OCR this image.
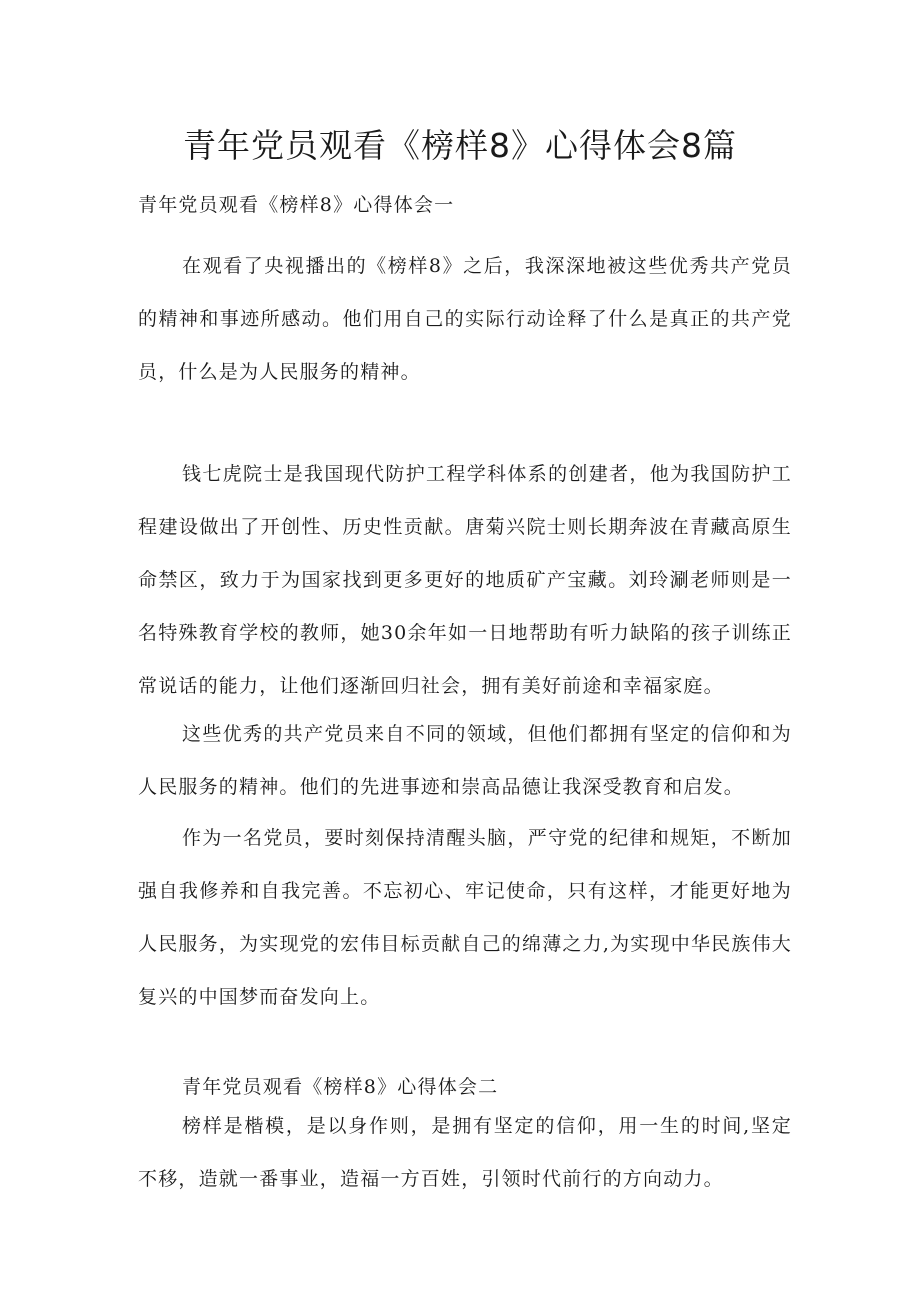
青年党员观看《榜样8》心得体会8篇
青年党员观看《榜样8》心得体会一

在观看了央视播出的《榜样8》之后，我深深地被这些优秀共产党员的精神和事迹所感动。他们用自己的实际行动诠释了什么是真正的共产党员，什么是为人民服务的精神。

钱七虎院士是我国现代防护工程学科体系的创建者，他为我国防护工程建设做出了开创性、历史性贡献。唐菊兴院士则长期奔波在青藏高原生命禁区，致力于为国家找到更多更好的地质矿产宝藏。刘玲涮老师则是一名特殊教育学校的教师，她30余年如一日地帮助有听力缺陷的孩子训练正常说话的能力，让他们逐渐回归社会，拥有美好前途和幸福家庭。

这些优秀的共产党员来自不同的领域，但他们都拥有坚定的信仰和为人民服务的精神。他们的先进事迹和崇高品德让我深受教育和启发。

作为一名党员，要时刻保持清醒头脑，严守党的纪律和规矩，不断加强自我修养和自我完善。不忘初心、牢记使命，只有这样，才能更好地为人民服务，为实现党的宏伟目标贡献自己的绵薄之力,为实现中华民族伟大复兴的中国梦而奋发向上。

青年党员观看《榜样8》心得体会二

榜样是楷模，是以身作则，是拥有坚定的信仰，用一生的时间,坚定不移，造就一番事业，造福一方百姓，引领时代前行的方向动力。
